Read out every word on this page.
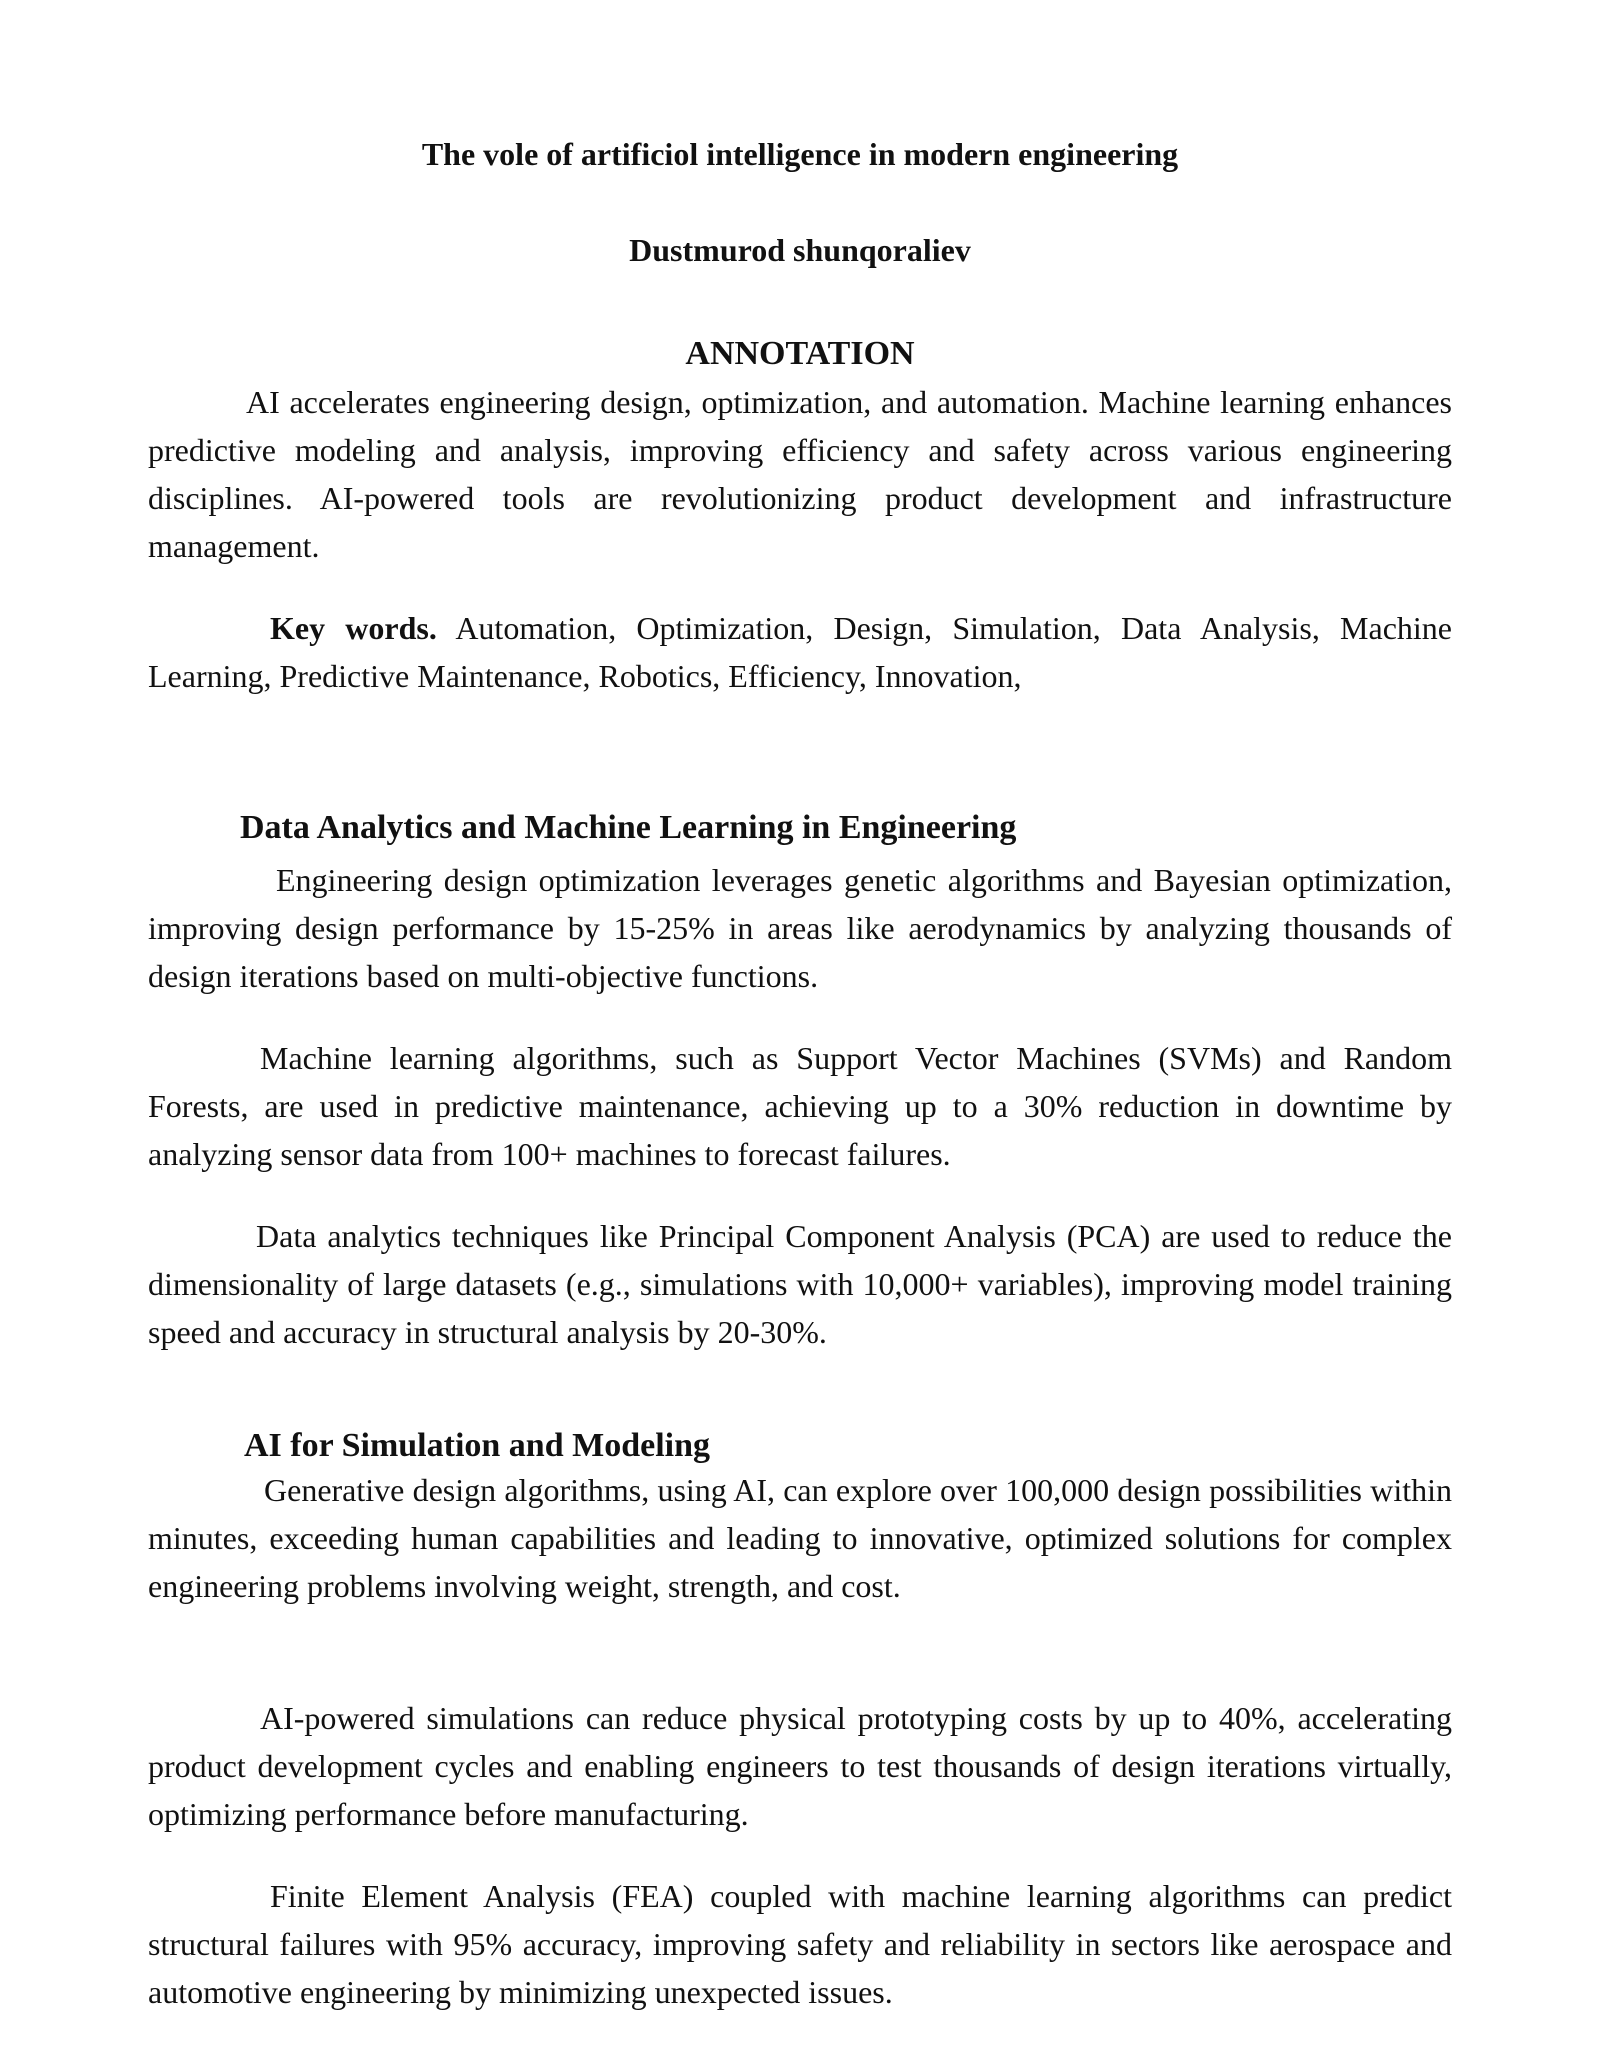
The vole of artificiol intelligence in modern engineering

Dustmurod shunqoraliev

ANNOTATION

AI accelerates engineering design, optimization, and automation. Machine learning enhances predictive modeling and analysis, improving efficiency and safety across various engineering disciplines. AI-powered tools are revolutionizing product development and infrastructure management.

Key words. Automation, Optimization, Design, Simulation, Data Analysis, Machine Learning, Predictive Maintenance, Robotics, Efficiency, Innovation,

Data Analytics and Machine Learning in Engineering

Engineering design optimization leverages genetic algorithms and Bayesian optimization, improving design performance by 15-25% in areas like aerodynamics by analyzing thousands of design iterations based on multi-objective functions.

Machine learning algorithms, such as Support Vector Machines (SVMs) and Random Forests, are used in predictive maintenance, achieving up to a 30% reduction in downtime by analyzing sensor data from 100+ machines to forecast failures.

Data analytics techniques like Principal Component Analysis (PCA) are used to reduce the dimensionality of large datasets (e.g., simulations with 10,000+ variables), improving model training speed and accuracy in structural analysis by 20-30%.

AI for Simulation and Modeling

Generative design algorithms, using AI, can explore over 100,000 design possibilities within minutes, exceeding human capabilities and leading to innovative, optimized solutions for complex engineering problems involving weight, strength, and cost.

AI-powered simulations can reduce physical prototyping costs by up to 40%, accelerating product development cycles and enabling engineers to test thousands of design iterations virtually, optimizing performance before manufacturing.

Finite Element Analysis (FEA) coupled with machine learning algorithms can predict structural failures with 95% accuracy, improving safety and reliability in sectors like aerospace and automotive engineering by minimizing unexpected issues.
